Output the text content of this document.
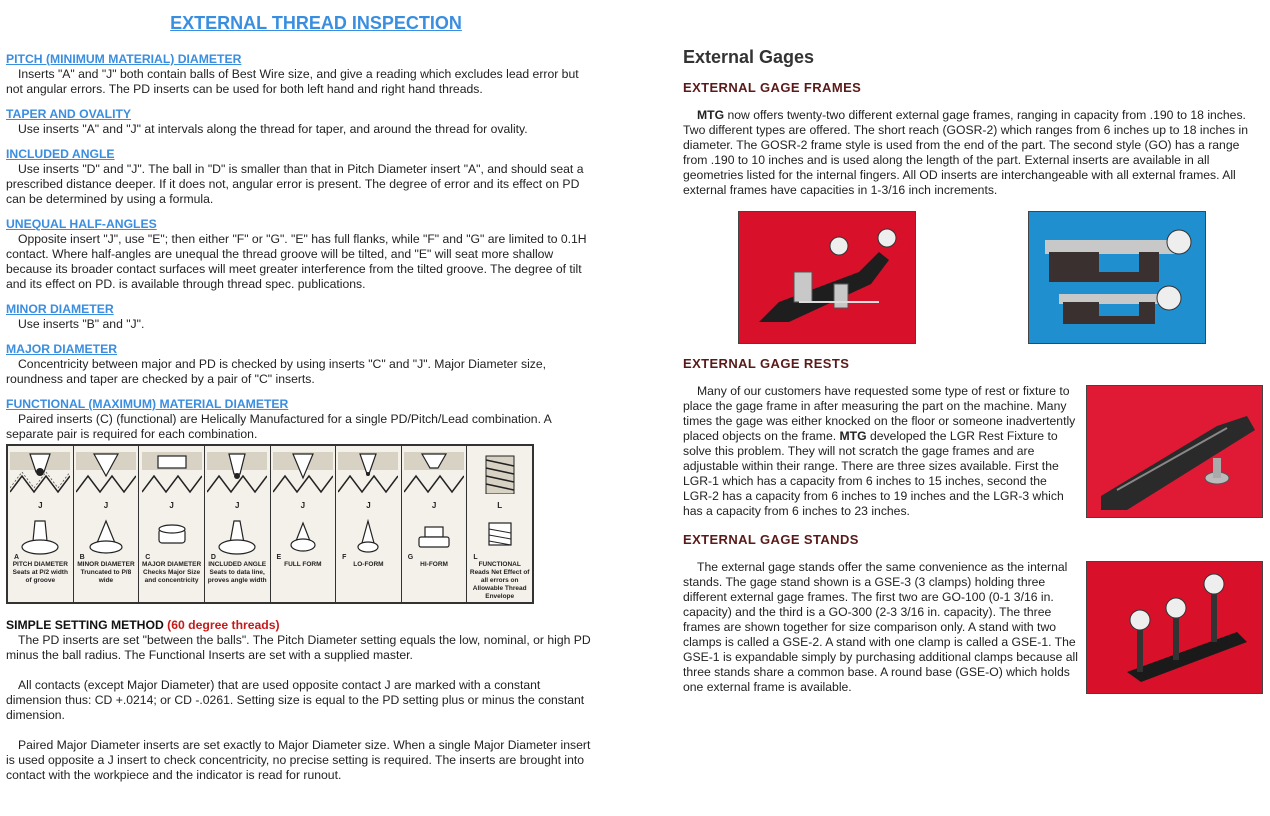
EXTERNAL THREAD INSPECTION
PITCH (MINIMUM MATERIAL) DIAMETER
Inserts "A" and "J" both contain balls of Best Wire size, and give a reading which excludes lead error but not angular errors. The PD inserts can be used for both left hand and right hand threads.
TAPER AND OVALITY
Use inserts "A" and "J" at intervals along the thread for taper, and around the thread for ovality.
INCLUDED ANGLE
Use inserts "D" and "J". The ball in "D" is smaller than that in Pitch Diameter insert "A", and should seat a prescribed distance deeper. If it does not, angular error is present. The degree of error and its effect on PD can be determined by using a formula.
UNEQUAL HALF-ANGLES
Opposite insert "J", use "E"; then either "F" or "G". "E" has full flanks, while "F" and "G" are limited to 0.1H contact. Where half-angles are unequal the thread groove will be tilted, and "E" will seat more shallow because its broader contact surfaces will meet greater interference from the tilted groove. The degree of tilt and its effect on PD. is available through thread spec. publications.
MINOR DIAMETER
Use inserts "B" and "J".
MAJOR DIAMETER
Concentricity between major and PD is checked by using inserts "C" and "J". Major Diameter size, roundness and taper are checked by a pair of "C" inserts.
FUNCTIONAL (MAXIMUM) MATERIAL DIAMETER
Paired inserts (C) (functional) are Helically Manufactured for a single PD/Pitch/Lead combination. A separate pair is required for each combination.
J
A
PITCH DIAMETER Seats at P/2 width of groove
J
B
MINOR DIAMETER Truncated to P/8 wide
J
C
MAJOR DIAMETER Checks Major Size and concentricity
J
D
INCLUDED ANGLE Seats to data line, proves angle width
J
E
FULL FORM
J
F
LO-FORM
J
G
HI-FORM
L
L
FUNCTIONAL Reads Net Effect of all errors on Allowable Thread Envelope
SIMPLE SETTING METHOD (60 degree threads)
The PD inserts are set "between the balls". The Pitch Diameter setting equals the low, nominal, or high PD minus the ball radius. The Functional Inserts are set with a supplied master.
All contacts (except Major Diameter) that are used opposite contact J are marked with a constant dimension thus: CD +.0214; or CD -.0261. Setting size is equal to the PD setting plus or minus the constant dimension.
Paired Major Diameter inserts are set exactly to Major Diameter size. When a single Major Diameter insert is used opposite a J insert to check concentricity, no precise setting is required. The inserts are brought into contact with the workpiece and the indicator is read for runout.
External Gages
EXTERNAL GAGE FRAMES
MTG now offers twenty-two different external gage frames, ranging in capacity from .190 to 18 inches. Two different types are offered. The short reach (GOSR-2) which ranges from 6 inches up to 18 inches in diameter. The GOSR-2 frame style is used from the end of the part. The second style (GO) has a range from .190 to 10 inches and is used along the length of the part. External inserts are available in all geometries listed for the internal fingers. All OD inserts are interchangeable with all external frames. All external frames have capacities in 1-3/16 inch increments.
EXTERNAL GAGE RESTS
Many of our customers have requested some type of rest or fixture to place the gage frame in after measuring the part on the machine. Many times the gage was either knocked on the floor or someone inadvertently placed objects on the frame. MTG developed the LGR Rest Fixture to solve this problem. They will not scratch the gage frames and are adjustable within their range. There are three sizes available. First the LGR-1 which has a capacity from 6 inches to 15 inches, second the LGR-2 has a capacity from 6 inches to 19 inches and the LGR-3 which has a capacity from 6 inches to 23 inches.
EXTERNAL GAGE STANDS
The external gage stands offer the same convenience as the internal stands. The gage stand shown is a GSE-3 (3 clamps) holding three different external gage frames. The first two are GO-100 (0-1 3/16 in. capacity) and the third is a GO-300 (2-3 3/16 in. capacity). The three frames are shown together for size comparison only. A stand with two clamps is called a GSE-2. A stand with one clamp is called a GSE-1. The GSE-1 is expandable simply by purchasing additional clamps because all three stands share a common base. A round base (GSE-O) which holds one external frame is available.
